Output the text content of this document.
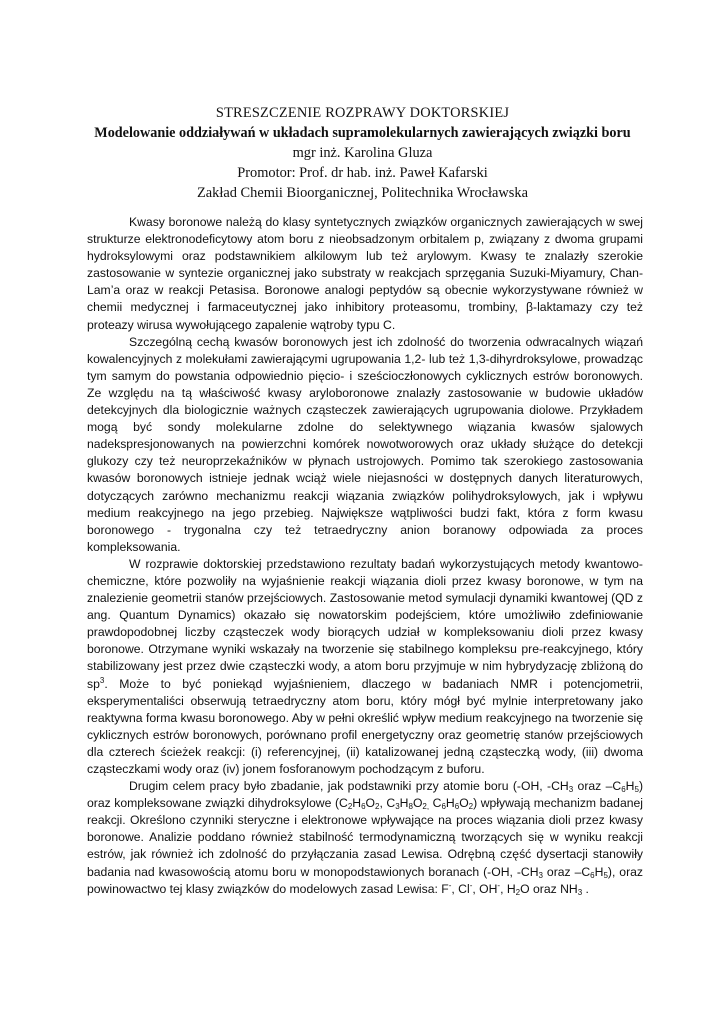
STRESZCZENIE ROZPRAWY DOKTORSKIEJ
Modelowanie oddziaływań w układach supramolekularnych zawierających związki boru
mgr inż. Karolina Gluza
Promotor: Prof. dr hab. inż. Paweł Kafarski
Zakład Chemii Bioorganicznej, Politechnika Wrocławska

Kwasy boronowe należą do klasy syntetycznych związków organicznych zawierających w swej strukturze elektronodeficytowy atom boru z nieobsadzonym orbitalem p, związany z dwoma grupami hydroksylowymi oraz podstawnikiem alkilowym lub też arylowym. Kwasy te znalazły szerokie zastosowanie w syntezie organicznej jako substraty w reakcjach sprzęgania Suzuki-Miyamury, Chan-Lam’a oraz w reakcji Petasisa. Boronowe analogi peptydów są obecnie wykorzystywane również w chemii medycznej i farmaceutycznej jako inhibitory proteasomu, trombiny, β-laktamazy czy też proteazy wirusa wywołującego zapalenie wątroby typu C.

Szczególną cechą kwasów boronowych jest ich zdolność do tworzenia odwracalnych wiązań kowalencyjnych z molekułami zawierającymi ugrupowania 1,2- lub też 1,3-dihyrdroksylowe, prowadząc tym samym do powstania odpowiednio pięcio- i sześcioczłonowych cyklicznych estrów boronowych. Ze względu na tą właściwość kwasy aryloboronowe znalazły zastosowanie w budowie układów detekcyjnych dla biologicznie ważnych cząsteczek zawierających ugrupowania diolowe. Przykładem mogą być sondy molekularne zdolne do selektywnego wiązania kwasów sjalowych nadekspresjonowanych na powierzchni komórek nowotworowych oraz układy służące do detekcji glukozy czy też neuroprzekaźników w płynach ustrojowych. Pomimo tak szerokiego zastosowania kwasów boronowych istnieje jednak wciąż wiele niejasności w dostępnych danych literaturowych, dotyczących zarówno mechanizmu reakcji wiązania związków polihydroksylowych, jak i wpływu medium reakcyjnego na jego przebieg. Największe wątpliwości budzi fakt, która z form kwasu boronowego - trygonalna czy też tetraedryczny anion boranowy odpowiada za proces kompleksowania.

W rozprawie doktorskiej przedstawiono rezultaty badań wykorzystujących metody kwantowo-chemiczne, które pozwoliły na wyjaśnienie reakcji wiązania dioli przez kwasy boronowe, w tym na znalezienie geometrii stanów przejściowych. Zastosowanie metod symulacji dynamiki kwantowej (QD z ang. Quantum Dynamics) okazało się nowatorskim podejściem, które umożliwiło zdefiniowanie prawdopodobnej liczby cząsteczek wody biorących udział w kompleksowaniu dioli przez kwasy boronowe. Otrzymane wyniki wskazały na tworzenie się stabilnego kompleksu pre-reakcyjnego, który stabilizowany jest przez dwie cząsteczki wody, a atom boru przyjmuje w nim hybrydyzację zbliżoną do $sp^3$. Może to być poniekąd wyjaśnieniem, dlaczego w badaniach NMR i potencjometrii, eksperymentaliści obserwują tetraedryczny atom boru, który mógł być mylnie interpretowany jako reaktywna forma kwasu boronowego. Aby w pełni określić wpływ medium reakcyjnego na tworzenie się cyklicznych estrów boronowych, porównano profil energetyczny oraz geometrię stanów przejściowych dla czterech ścieżek reakcji: (i) referencyjnej, (ii) katalizowanej jedną cząsteczką wody, (iii) dwoma cząsteczkami wody oraz (iv) jonem fosforanowym pochodzącym z buforu.

Drugim celem pracy było zbadanie, jak podstawniki przy atomie boru (-OH, $-CH_3$ oraz $-C_6H_5$) oraz kompleksowane związki dihydroksylowe ($C_2H_6O_2$, $C_3H_8O_{2,}$ $C_6H_6O_2$) wpływają mechanizm badanej reakcji. Określono czynniki steryczne i elektronowe wpływające na proces wiązania dioli przez kwasy boronowe. Analizie poddano również stabilność termodynamiczną tworzących się w wyniku reakcji estrów, jak również ich zdolność do przyłączania zasad Lewisa. Odrębną część dysertacji stanowiły badania nad kwasowością atomu boru w monopodstawionych boranach (-OH, $-CH_3$ oraz $-C_6H_5$), oraz powinowactwo tej klasy związków do modelowych zasad Lewisa: F-, Cl-, OH-, $H_2O$ oraz $NH_3$ .
